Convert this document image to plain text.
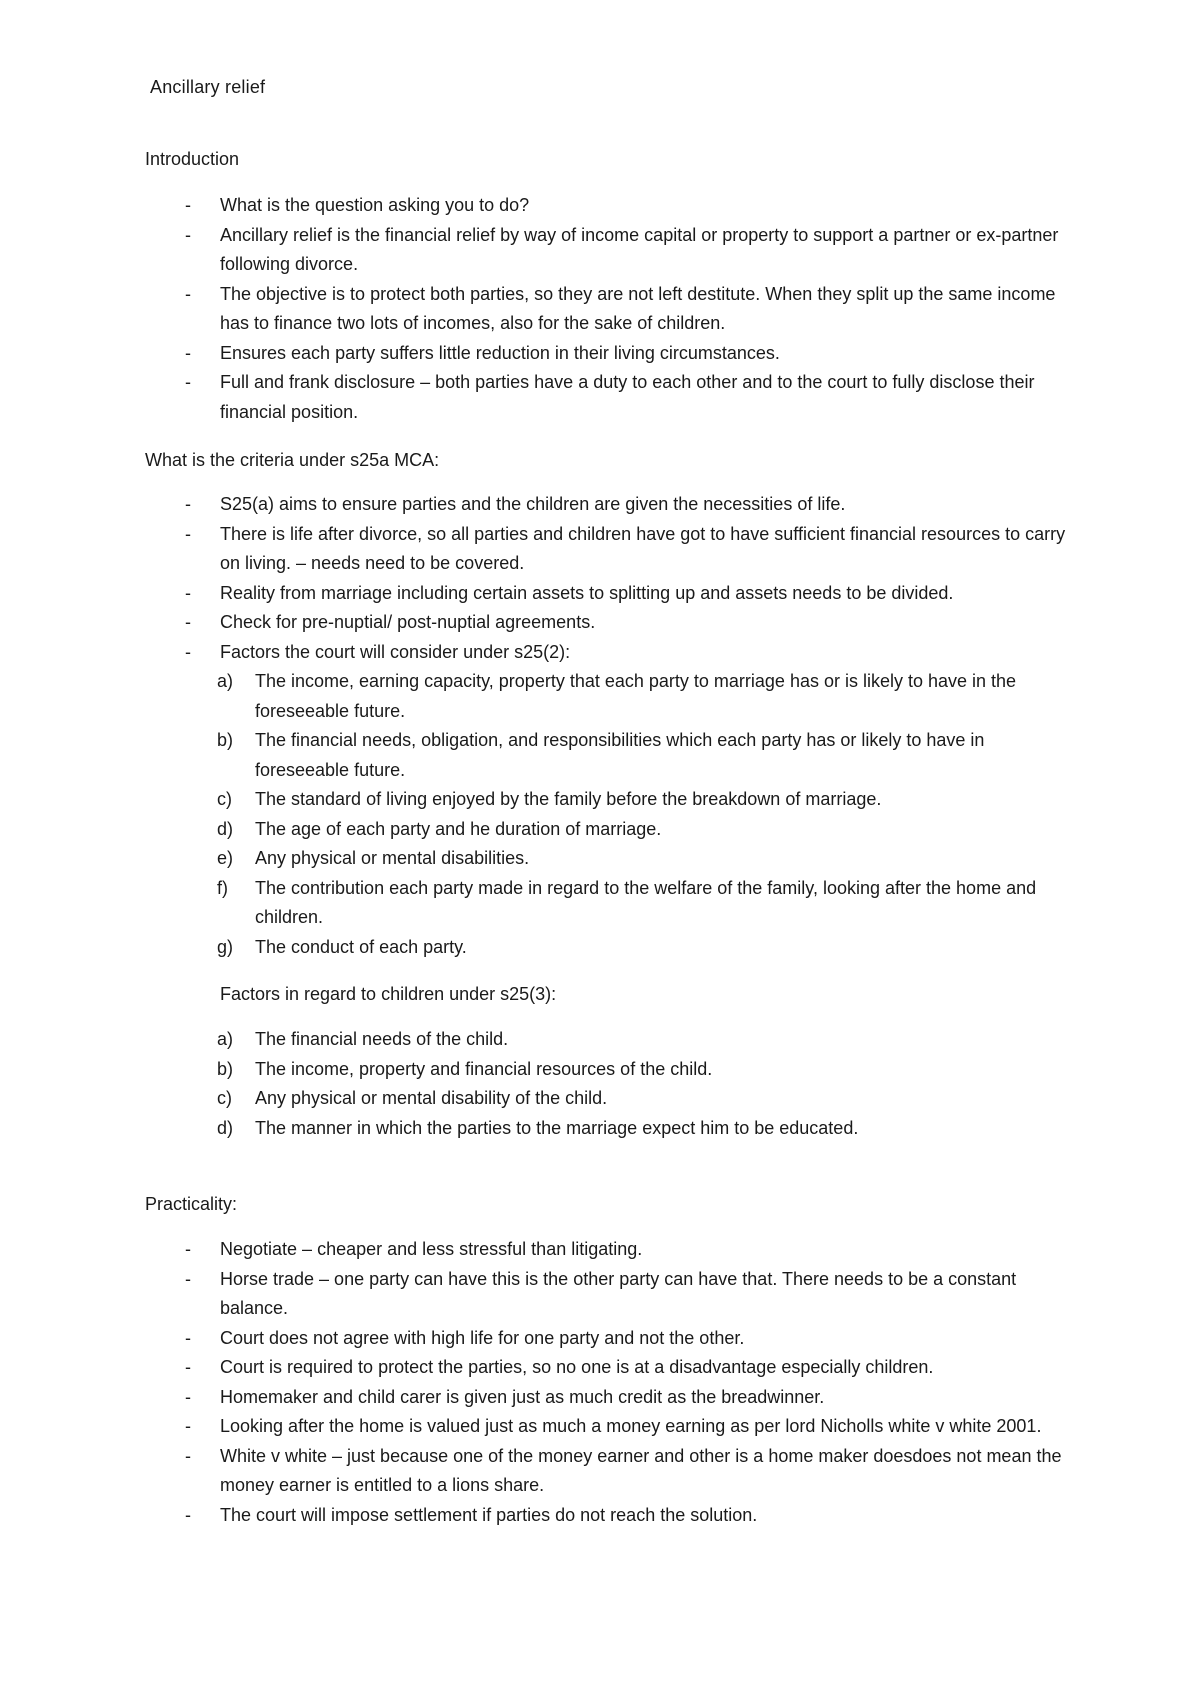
Ancillary relief
Introduction
- What is the question asking you to do?
- Ancillary relief is the financial relief by way of income capital or property to support a partner or ex-partner following divorce.
- The objective is to protect both parties, so they are not left destitute. When they split up the same income has to finance two lots of incomes, also for the sake of children.
- Ensures each party suffers little reduction in their living circumstances.
- Full and frank disclosure – both parties have a duty to each other and to the court to fully disclose their financial position.
What is the criteria under s25a MCA:
- S25(a) aims to ensure parties and the children are given the necessities of life.
- There is life after divorce, so all parties and children have got to have sufficient financial resources to carry on living. – needs need to be covered.
- Reality from marriage including certain assets to splitting up and assets needs to be divided.
- Check for pre-nuptial/ post-nuptial agreements.
- Factors the court will consider under s25(2):
a) The income, earning capacity, property that each party to marriage has or is likely to have in the foreseeable future.
b) The financial needs, obligation, and responsibilities which each party has or likely to have in foreseeable future.
c) The standard of living enjoyed by the family before the breakdown of marriage.
d) The age of each party and he duration of marriage.
e) Any physical or mental disabilities.
f) The contribution each party made in regard to the welfare of the family, looking after the home and children.
g) The conduct of each party.
Factors in regard to children under s25(3):
a) The financial needs of the child.
b) The income, property and financial resources of the child.
c) Any physical or mental disability of the child.
d) The manner in which the parties to the marriage expect him to be educated.
Practicality:
- Negotiate – cheaper and less stressful than litigating.
- Horse trade – one party can have this is the other party can have that. There needs to be a constant balance.
- Court does not agree with high life for one party and not the other.
- Court is required to protect the parties, so no one is at a disadvantage especially children.
- Homemaker and child carer is given just as much credit as the breadwinner.
- Looking after the home is valued just as much a money earning as per lord Nicholls white v white 2001.
- White v white – just because one of the money earner and other is a home maker doesdoes not mean the money earner is entitled to a lions share.
- The court will impose settlement if parties do not reach the solution.
